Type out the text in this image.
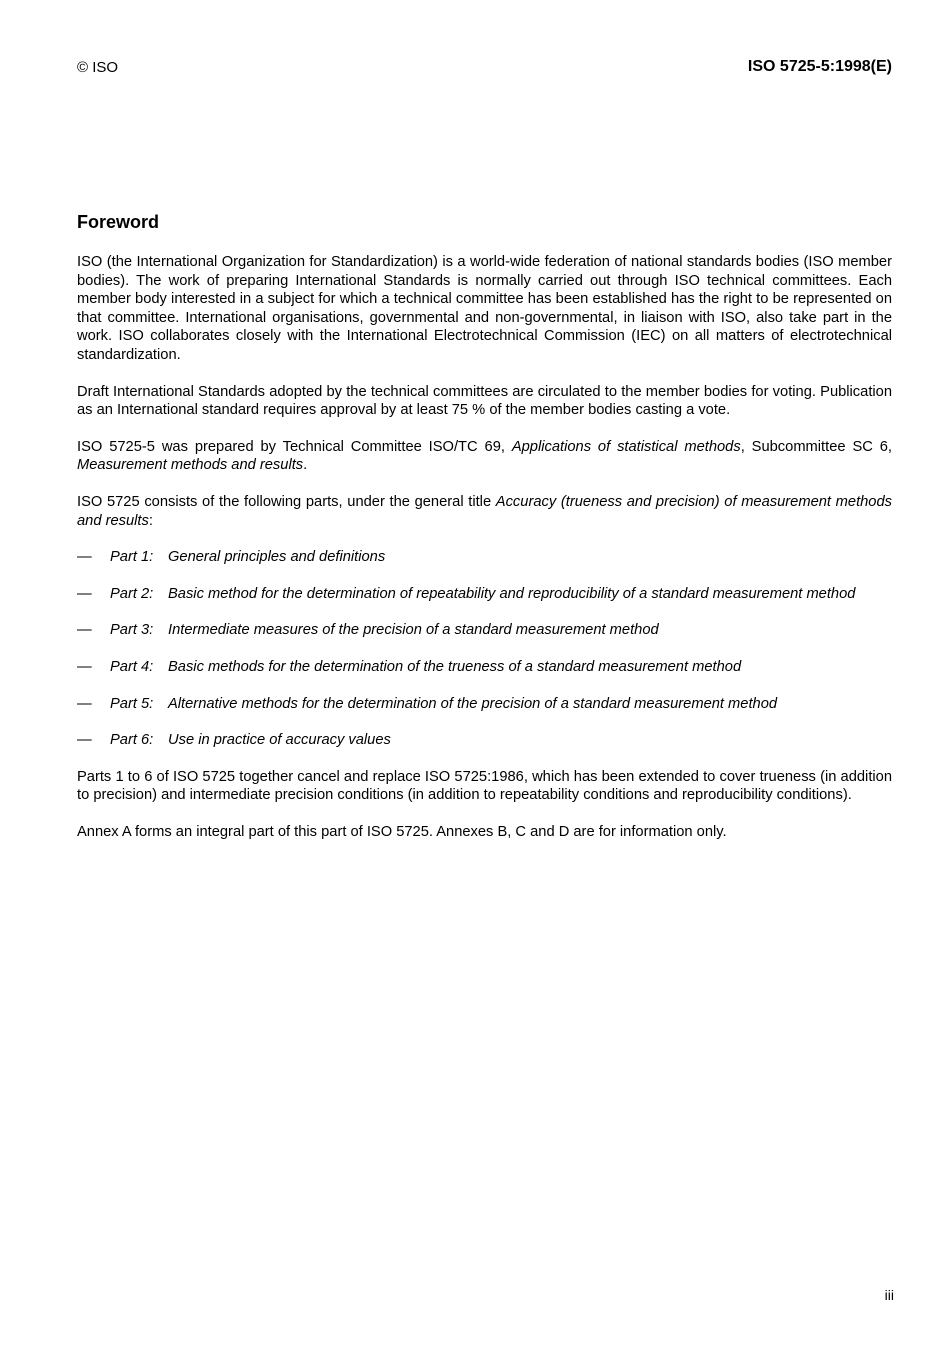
© ISO	ISO 5725-5:1998(E)
Foreword

ISO (the International Organization for Standardization) is a world-wide federation of national standards bodies (ISO member bodies). The work of preparing International Standards is normally carried out through ISO technical committees. Each member body interested in a subject for which a technical committee has been established has the right to be represented on that committee. International organisations, governmental and non-governmental, in liaison with ISO, also take part in the work. ISO collaborates closely with the International Electrotechnical Commission (IEC) on all matters of electrotechnical standardization.

Draft International Standards adopted by the technical committees are circulated to the member bodies for voting. Publication as an International standard requires approval by at least 75 % of the member bodies casting a vote.

ISO 5725-5 was prepared by Technical Committee ISO/TC 69, Applications of statistical methods, Subcommittee SC 6, Measurement methods and results.

ISO 5725 consists of the following parts, under the general title Accuracy (trueness and precision) of measurement methods and results:

—	Part 1:	General principles and definitions
—	Part 2:	Basic method for the determination of repeatability and reproducibility of a standard measurement method
—	Part 3:	Intermediate measures of the precision of a standard measurement method
—	Part 4:	Basic methods for the determination of the trueness of a standard measurement method
—	Part 5:	Alternative methods for the determination of the precision of a standard measurement method
—	Part 6:	Use in practice of accuracy values

Parts 1 to 6 of ISO 5725 together cancel and replace ISO 5725:1986, which has been extended to cover trueness (in addition to precision) and intermediate precision conditions (in addition to repeatability conditions and reproducibility conditions).

Annex A forms an integral part of this part of ISO 5725. Annexes B, C and D are for information only.

iii
